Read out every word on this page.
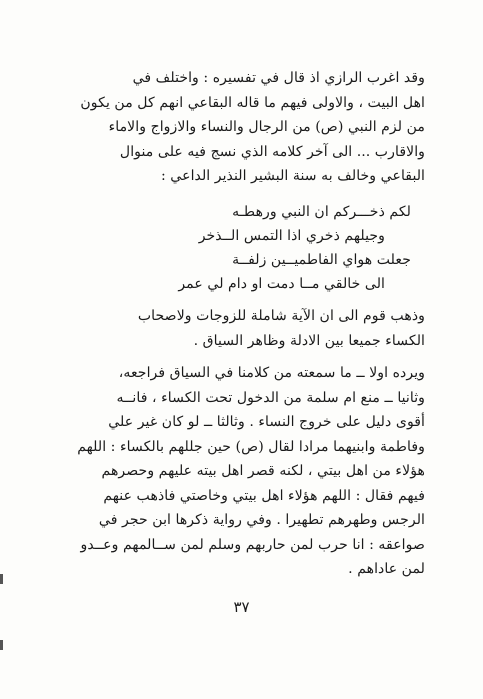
وقد اغرب الرازي اذ قال في تفسيره : واختلف في
اهل البيت ، والاولى فيهم ما قاله البقاعي انهم كل من يكون
من لزم النبي (ص) من الرجال والنساء والازواج والاماء
والاقارب ... الى آخر كلامه الذي نسج فيه على منوال
البقاعي وخالف به سنة البشير النذير الداعي :
لكم ذخـــركم ان النبي ورهطـه
وجيلهم ذخري اذا التمس الــذخر
جعلت هواي الفاطميــين زلفــة
الى خالقي مــا دمت او دام لي عمر
وذهب قوم الى ان الآية شاملة للزوجات ولاصحاب
الكساء جميعا بين الادلة وظاهر السياق .
ويرده اولا ــ ما سمعته من كلامنا في السياق فراجعه،
وثانيا ــ منع ام سلمة من الدخول تحت الكساء ، فانــه
أقوى دليل على خروج النساء . وثالثا ــ لو كان غير علي
وفاطمة وابنيهما مرادا لقال (ص) حين جللهم بالكساء : اللهم
هؤلاء من اهل بيتي ، لكنه قصر اهل بيته عليهم وحصرهم
فيهم فقال : اللهم هؤلاء اهل بيتي وخاصتي فاذهب عنهم
الرجس وطهرهم تطهيرا . وفي رواية ذكرها ابن حجر في
صواعقه : انا حرب لمن حاربهم وسلم لمن ســالمهم وعــدو
لمن عاداهم .
٣٧
